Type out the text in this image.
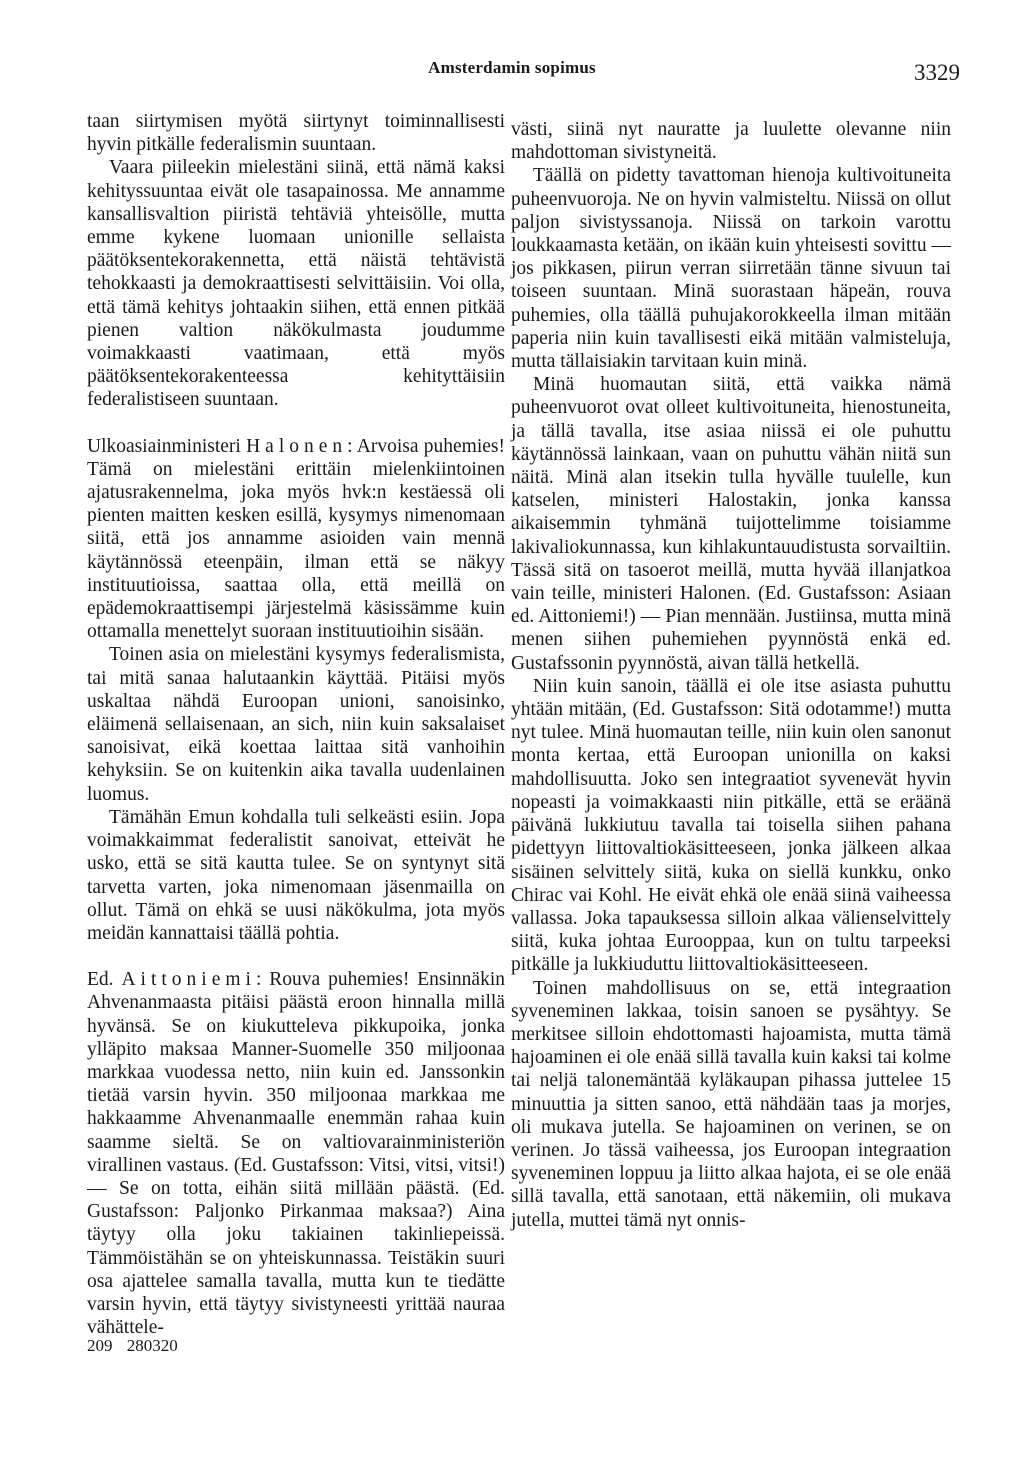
Amsterdamin sopimus	3329

taan siirtymisen myötä siirtynyt toiminnallisesti hyvin pitkälle federalismin suuntaan.

Vaara piileekin mielestäni siinä, että nämä kaksi kehityssuuntaa eivät ole tasapainossa. Me annamme kansallisvaltion piiristä tehtäviä yhteisölle, mutta emme kykene luomaan unionille sellaista päätöksentekorakennetta, että näistä tehtävistä tehokkaasti ja demokraattisesti selvittäisiin. Voi olla, että tämä kehitys johtaakin siihen, että ennen pitkää pienen valtion näkökulmasta joudumme voimakkaasti vaatimaan, että myös päätöksentekorakenteessa kehityttäisiin federalistiseen suuntaan.

Ulkoasiainministeri Halonen: Arvoisa puhemies! Tämä on mielestäni erittäin mielenkiintoinen ajatusrakennelma, joka myös hvk:n kestäessä oli pienten maitten kesken esillä, kysymys nimenomaan siitä, että jos annamme asioiden vain mennä käytännössä eteenpäin, ilman että se näkyy instituutioissa, saattaa olla, että meillä on epädemokraattisempi järjestelmä käsissämme kuin ottamalla menettelyt suoraan instituutioihin sisään.

Toinen asia on mielestäni kysymys federalismista, tai mitä sanaa halutaankin käyttää. Pitäisi myös uskaltaa nähdä Euroopan unioni, sanoisinko, eläimenä sellaisenaan, an sich, niin kuin saksalaiset sanoisivat, eikä koettaa laittaa sitä vanhoihin kehyksiin. Se on kuitenkin aika tavalla uudenlainen luomus.

Tämähän Emun kohdalla tuli selkeästi esiin. Jopa voimakkaimmat federalistit sanoivat, etteivät he usko, että se sitä kautta tulee. Se on syntynyt sitä tarvetta varten, joka nimenomaan jäsenmailla on ollut. Tämä on ehkä se uusi näkökulma, jota myös meidän kannattaisi täällä pohtia.

Ed. Aittoniemi: Rouva puhemies! Ensinnäkin Ahvenanmaasta pitäisi päästä eroon hinnalla millä hyvänsä. Se on kiukutteleva pikkupoika, jonka ylläpito maksaa Manner-Suomelle 350 miljoonaa markkaa vuodessa netto, niin kuin ed. Janssonkin tietää varsin hyvin. 350 miljoonaa markkaa me hakkaamme Ahvenanmaalle enemmän rahaa kuin saamme sieltä. Se on valtiovarainministeriön virallinen vastaus. (Ed. Gustafsson: Vitsi, vitsi, vitsi!) — Se on totta, eihän siitä millään päästä. (Ed. Gustafsson: Paljonko Pirkanmaa maksaa?) Aina täytyy olla joku takiainen takinliepeissä. Tämmöistähän se on yhteiskunnassa. Teistäkin suuri osa ajattelee samalla tavalla, mutta kun te tiedätte varsin hyvin, että täytyy sivistyneesti yrittää nauraa vähättele-

västi, siinä nyt nauratte ja luulette olevanne niin mahdottoman sivistyneitä.

Täällä on pidetty tavattoman hienoja kultivoituneita puheenvuoroja. Ne on hyvin valmisteltu. Niissä on ollut paljon sivistyssanoja. Niissä on tarkoin varottu loukkaamasta ketään, on ikään kuin yhteisesti sovittu — jos pikkasen, piirun verran siirretään tänne sivuun tai toiseen suuntaan. Minä suorastaan häpeän, rouva puhemies, olla täällä puhujakorokkeella ilman mitään paperia niin kuin tavallisesti eikä mitään valmisteluja, mutta tällaisiakin tarvitaan kuin minä.

Minä huomautan siitä, että vaikka nämä puheenvuorot ovat olleet kultivoituneita, hienostuneita, ja tällä tavalla, itse asiaa niissä ei ole puhuttu käytännössä lainkaan, vaan on puhuttu vähän niitä sun näitä. Minä alan itsekin tulla hyvälle tuulelle, kun katselen, ministeri Halostakin, jonka kanssa aikaisemmin tyhmänä tuijottelimme toisiamme lakivaliokunnassa, kun kihlakuntauudistusta sorvailtiin. Tässä sitä on tasoerot meillä, mutta hyvää illanjatkoa vain teille, ministeri Halonen. (Ed. Gustafsson: Asiaan ed. Aittoniemi!) — Pian mennään. Justiinsa, mutta minä menen siihen puhemiehen pyynnöstä enkä ed. Gustafssonin pyynnöstä, aivan tällä hetkellä.

Niin kuin sanoin, täällä ei ole itse asiasta puhuttu yhtään mitään, (Ed. Gustafsson: Sitä odotamme!) mutta nyt tulee. Minä huomautan teille, niin kuin olen sanonut monta kertaa, että Euroopan unionilla on kaksi mahdollisuutta. Joko sen integraatiot syvenevät hyvin nopeasti ja voimakkaasti niin pitkälle, että se eräänä päivänä lukkiutuu tavalla tai toisella siihen pahana pidettyyn liittovaltiokäsitteeseen, jonka jälkeen alkaa sisäinen selvittely siitä, kuka on siellä kunkku, onko Chirac vai Kohl. He eivät ehkä ole enää siinä vaiheessa vallassa. Joka tapauksessa silloin alkaa välienselvittely siitä, kuka johtaa Eurooppaa, kun on tultu tarpeeksi pitkälle ja lukkiuduttu liittovaltiokäsitteeseen.

Toinen mahdollisuus on se, että integraation syveneminen lakkaa, toisin sanoen se pysähtyy. Se merkitsee silloin ehdottomasti hajoamista, mutta tämä hajoaminen ei ole enää sillä tavalla kuin kaksi tai kolme tai neljä talonemäntää kyläkaupan pihassa juttelee 15 minuuttia ja sitten sanoo, että nähdään taas ja morjes, oli mukava jutella. Se hajoaminen on verinen, se on verinen. Jo tässä vaiheessa, jos Euroopan integraation syveneminen loppuu ja liitto alkaa hajota, ei se ole enää sillä tavalla, että sanotaan, että näkemiin, oli mukava jutella, muttei tämä nyt onnis-

209 280320
